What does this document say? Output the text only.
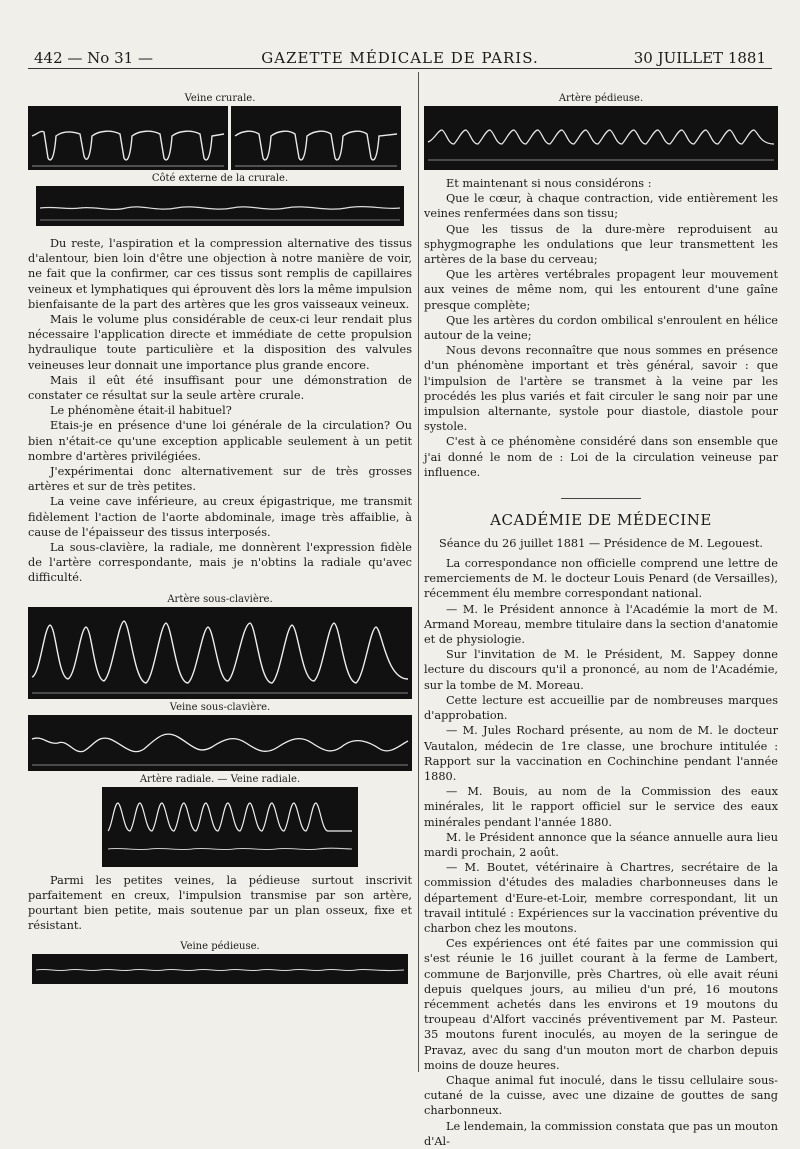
442 — No 31 —	GAZETTE MÉDICALE DE PARIS.	30 JUILLET 1881
Veine crurale.
Côté externe de la crurale.

Du reste, l'aspiration et la compression alternative des tissus d'alentour, bien loin d'être une objection à notre manière de voir, ne fait que la confirmer, car ces tissus sont remplis de capillaires veineux et lymphatiques qui éprouvent dès lors la même impulsion bienfaisante de la part des artères que les gros vaisseaux veineux.

Mais le volume plus considérable de ceux-ci leur rendait plus nécessaire l'application directe et immédiate de cette propulsion hydraulique toute particulière et la disposition des valvules veineuses leur donnait une importance plus grande encore.

Mais il eût été insuffisant pour une démonstration de constater ce résultat sur la seule artère crurale.

Le phénomène était-il habituel?

Etais-je en présence d'une loi générale de la circulation? Ou bien n'était-ce qu'une exception applicable seulement à un petit nombre d'artères privilégiées.

J'expérimentai donc alternativement sur de très grosses artères et sur de très petites.

La veine cave inférieure, au creux épigastrique, me transmit fidèlement l'action de l'aorte abdominale, image très affaiblie, à cause de l'épaisseur des tissus interposés.

La sous-clavière, la radiale, me donnèrent l'expression fidèle de l'artère correspondante, mais je n'obtins la radiale qu'avec difficulté.

Artère sous-clavière.
Veine sous-clavière.
Artère radiale. — Veine radiale.

Parmi les petites veines, la pédieuse surtout inscrivit parfaitement en creux, l'impulsion transmise par son artère, pourtant bien petite, mais soutenue par un plan osseux, fixe et résistant.

Veine pédieuse.
Artère pédieuse.

Et maintenant si nous considérons :

Que le cœur, à chaque contraction, vide entièrement les veines renfermées dans son tissu;

Que les tissus de la dure-mère reproduisent au sphygmographe les ondulations que leur transmettent les artères de la base du cerveau;

Que les artères vertébrales propagent leur mouvement aux veines de même nom, qui les entourent d'une gaîne presque complète;

Que les artères du cordon ombilical s'enroulent en hélice autour de la veine;

Nous devons reconnaître que nous sommes en présence d'un phénomène important et très général, savoir : que l'impulsion de l'artère se transmet à la veine par les procédés les plus variés et fait circuler le sang noir par une impulsion alternante, systole pour diastole, diastole pour systole.

C'est à ce phénomène considéré dans son ensemble que j'ai donné le nom de : Loi de la circulation veineuse par influence.

ACADÉMIE DE MÉDECINE
Séance du 26 juillet 1881 — Présidence de M. Legouest.

La correspondance non officielle comprend une lettre de remerciements de M. le docteur Louis Penard (de Versailles), récemment élu membre correspondant national.

— M. le Président annonce à l'Académie la mort de M. Armand Moreau, membre titulaire dans la section d'anatomie et de physiologie.

Sur l'invitation de M. le Président, M. Sappey donne lecture du discours qu'il a prononcé, au nom de l'Académie, sur la tombe de M. Moreau.

Cette lecture est accueillie par de nombreuses marques d'approbation.

— M. Jules Rochard présente, au nom de M. le docteur Vautalon, médecin de 1re classe, une brochure intitulée : Rapport sur la vaccination en Cochinchine pendant l'année 1880.

— M. Bouis, au nom de la Commission des eaux minérales, lit le rapport officiel sur le service des eaux minérales pendant l'année 1880.

M. le Président annonce que la séance annuelle aura lieu mardi prochain, 2 août.

— M. Boutet, vétérinaire à Chartres, secrétaire de la commission d'études des maladies charbonneuses dans le département d'Eure-et-Loir, membre correspondant, lit un travail intitulé : Expériences sur la vaccination préventive du charbon chez les moutons.

Ces expériences ont été faites par une commission qui s'est réunie le 16 juillet courant à la ferme de Lambert, commune de Barjonville, près Chartres, où elle avait réuni depuis quelques jours, au milieu d'un pré, 16 moutons récemment achetés dans les environs et 19 moutons du troupeau d'Alfort vaccinés préventivement par M. Pasteur. 35 moutons furent inoculés, au moyen de la seringue de Pravaz, avec du sang d'un mouton mort de charbon depuis moins de douze heures.

Chaque animal fut inoculé, dans le tissu cellulaire sous-cutané de la cuisse, avec une dizaine de gouttes de sang charbonneux.

Le lendemain, la commission constata que pas un mouton d'Al-
